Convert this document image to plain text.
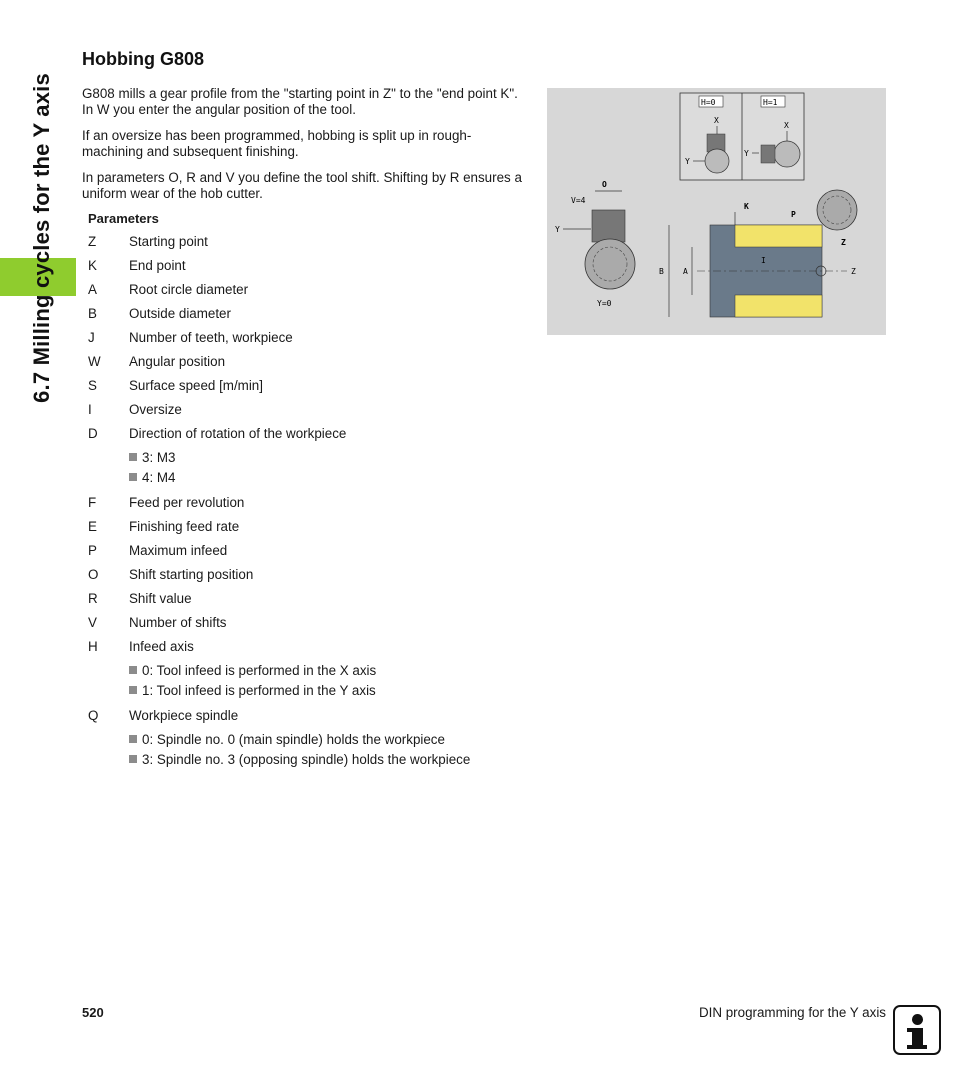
6.7 Milling cycles for the Y axis
Hobbing G808

G808 mills a gear profile from the "starting point in Z" to the "end point K". In W you enter the angular position of the tool.

If an oversize has been programmed, hobbing is split up in rough-machining and subsequent finishing.

In parameters O, R and V you define the tool shift. Shifting by R ensures a uniform wear of the hob cutter.

Parameters
Z	Starting point
K	End point
A	Root circle diameter
B	Outside diameter
J	Number of teeth, workpiece
W	Angular position
S	Surface speed [m/min]
I	Oversize
D	Direction of rotation of the workpiece
3: M3
4: M4
F	Feed per revolution
E	Finishing feed rate
P	Maximum infeed
O	Shift starting position
R	Shift value
V	Number of shifts
H	Infeed axis
0: Tool infeed is performed in the X axis
1: Tool infeed is performed in the Y axis
Q	Workpiece spindle
0: Spindle no. 0 (main spindle) holds the workpiece
3: Spindle no. 3 (opposing spindle) holds the workpiece
H=0	H=1
X
Y
X
Y
O
V=4
Y
Y=0
K
P
I
Z
Z
B A
520	DIN programming for the Y axis
